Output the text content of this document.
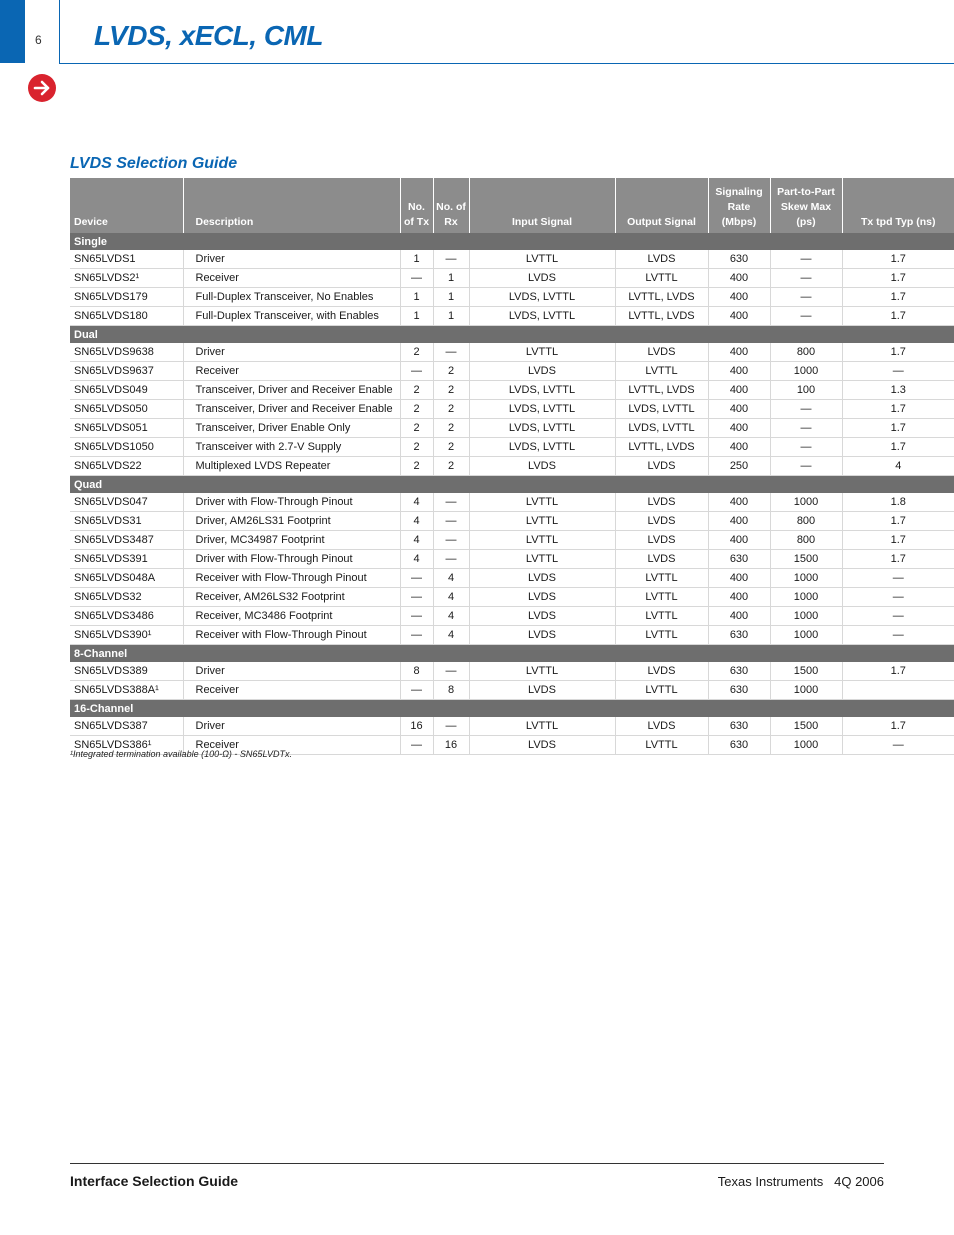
6 LVDS, xECL, CML
LVDS Selection Guide
Device	Description	No. of Tx	No. of Rx	Input Signal	Output Signal	Signaling Rate (Mbps)	Part-to-Part Skew Max (ps)	Tx tpd Typ (ns)
Single								
SN65LVDS1	Driver	1	—	LVTTL	LVDS	630	—	1.7
SN65LVDS2¹	Receiver	—	1	LVDS	LVTTL	400	—	1.7
SN65LVDS179	Full-Duplex Transceiver, No Enables	1	1	LVDS, LVTTL	LVTTL, LVDS	400	—	1.7
SN65LVDS180	Full-Duplex Transceiver, with Enables	1	1	LVDS, LVTTL	LVTTL, LVDS	400	—	1.7
Dual								
SN65LVDS9638	Driver	2	—	LVTTL	LVDS	400	800	1.7
SN65LVDS9637	Receiver	—	2	LVDS	LVTTL	400	1000	—
SN65LVDS049	Transceiver, Driver and Receiver Enable	2	2	LVDS, LVTTL	LVTTL, LVDS	400	100	1.3
SN65LVDS050	Transceiver, Driver and Receiver Enable	2	2	LVDS, LVTTL	LVDS, LVTTL	400	—	1.7
SN65LVDS051	Transceiver, Driver Enable Only	2	2	LVDS, LVTTL	LVDS, LVTTL	400	—	1.7
SN65LVDS1050	Transceiver with 2.7-V Supply	2	2	LVDS, LVTTL	LVTTL, LVDS	400	—	1.7
SN65LVDS22	Multiplexed LVDS Repeater	2	2	LVDS	LVDS	250	—	4
Quad								
SN65LVDS047	Driver with Flow-Through Pinout	4	—	LVTTL	LVDS	400	1000	1.8
SN65LVDS31	Driver, AM26LS31 Footprint	4	—	LVTTL	LVDS	400	800	1.7
SN65LVDS3487	Driver, MC34987 Footprint	4	—	LVTTL	LVDS	400	800	1.7
SN65LVDS391	Driver with Flow-Through Pinout	4	—	LVTTL	LVDS	630	1500	1.7
SN65LVDS048A	Receiver with Flow-Through Pinout	—	4	LVDS	LVTTL	400	1000	—
SN65LVDS32	Receiver, AM26LS32 Footprint	—	4	LVDS	LVTTL	400	1000	—
SN65LVDS3486	Receiver, MC3486 Footprint	—	4	LVDS	LVTTL	400	1000	—
SN65LVDS390¹	Receiver with Flow-Through Pinout	—	4	LVDS	LVTTL	630	1000	—
8-Channel								
SN65LVDS389	Driver	8	—	LVTTL	LVDS	630	1500	1.7
SN65LVDS388A¹	Receiver	—	8	LVDS	LVTTL	630	1000	
16-Channel								
SN65LVDS387	Driver	16	—	LVTTL	LVDS	630	1500	1.7
SN65LVDS386¹	Receiver	—	16	LVDS	LVTTL	630	1000	—
¹Integrated termination available (100-Ω) - SN65LVDTx.
Interface Selection Guide	Texas Instruments   4Q 2006
